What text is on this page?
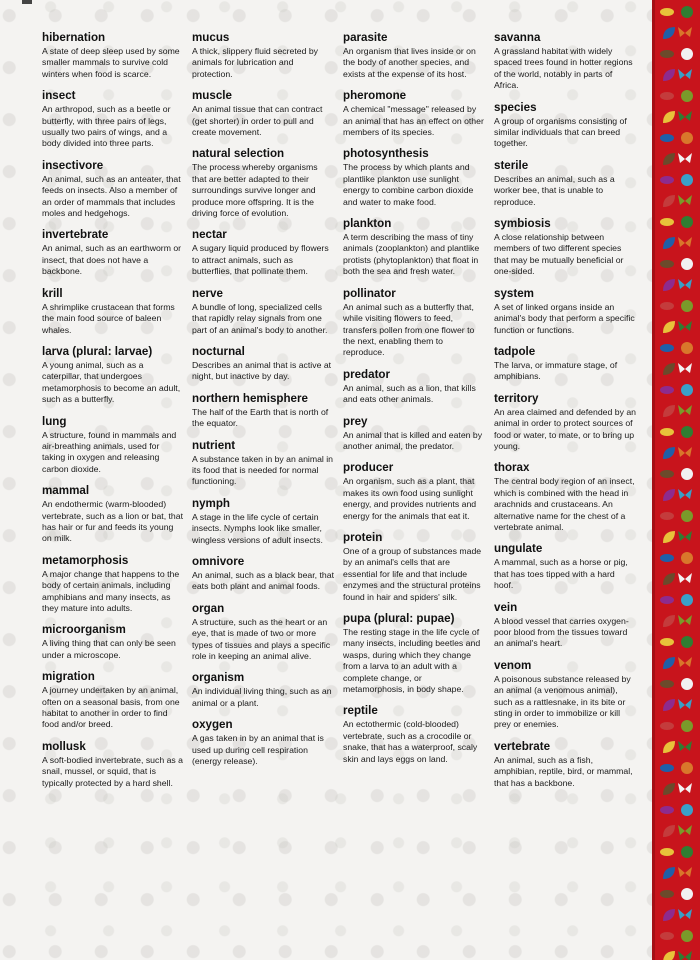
hibernation

A state of deep sleep used by some smaller mammals to survive cold winters when food is scarce.

insect

An arthropod, such as a beetle or butterfly, with three pairs of legs, usually two pairs of wings, and a body divided into three parts.

insectivore

An animal, such as an anteater, that feeds on insects. Also a member of an order of mammals that includes moles and hedgehogs.

invertebrate

An animal, such as an earthworm or insect, that does not have a backbone.

krill

A shrimplike crustacean that forms the main food source of baleen whales.

larva (plural: larvae)

A young animal, such as a caterpillar, that undergoes metamorphosis to become an adult, such as a butterfly.

lung

A structure, found in mammals and air-breathing animals, used for taking in oxygen and releasing carbon dioxide.

mammal

An endothermic (warm-blooded) vertebrate, such as a lion or bat, that has hair or fur and feeds its young on milk.

metamorphosis

A major change that happens to the body of certain animals, including amphibians and many insects, as they mature into adults.

microorganism

A living thing that can only be seen under a microscope.

migration

A journey undertaken by an animal, often on a seasonal basis, from one habitat to another in order to find food and/or breed.

mollusk

A soft-bodied invertebrate, such as a snail, mussel, or squid, that is typically protected by a hard shell.

mucus

A thick, slippery fluid secreted by animals for lubrication and protection.

muscle

An animal tissue that can contract (get shorter) in order to pull and create movement.

natural selection

The process whereby organisms that are better adapted to their surroundings survive longer and produce more offspring. It is the driving force of evolution.

nectar

A sugary liquid produced by flowers to attract animals, such as butterflies, that pollinate them.

nerve

A bundle of long, specialized cells that rapidly relay signals from one part of an animal's body to another.

nocturnal

Describes an animal that is active at night, but inactive by day.

northern hemisphere

The half of the Earth that is north of the equator.

nutrient

A substance taken in by an animal in its food that is needed for normal functioning.

nymph

A stage in the life cycle of certain insects. Nymphs look like smaller, wingless versions of adult insects.

omnivore

An animal, such as a black bear, that eats both plant and animal foods.

organ

A structure, such as the heart or an eye, that is made of two or more types of tissues and plays a specific role in keeping an animal alive.

organism

An individual living thing, such as an animal or a plant.

oxygen

A gas taken in by an animal that is used up during cell respiration (energy release).

parasite

An organism that lives inside or on the body of another species, and exists at the expense of its host.

pheromone

A chemical "message" released by an animal that has an effect on other members of its species.

photosynthesis

The process by which plants and plantlike plankton use sunlight energy to combine carbon dioxide and water to make food.

plankton

A term describing the mass of tiny animals (zooplankton) and plantlike protists (phytoplankton) that float in both the sea and fresh water.

pollinator

An animal such as a butterfly that, while visiting flowers to feed, transfers pollen from one flower to the next, enabling them to reproduce.

predator

An animal, such as a lion, that kills and eats other animals.

prey

An animal that is killed and eaten by another animal, the predator.

producer

An organism, such as a plant, that makes its own food using sunlight energy, and provides nutrients and energy for the animals that eat it.

protein

One of a group of substances made by an animal's cells that are essential for life and that include enzymes and the structural proteins found in hair and spiders' silk.

pupa (plural: pupae)

The resting stage in the life cycle of many insects, including beetles and wasps, during which they change from a larva to an adult with a complete change, or metamorphosis, in body shape.

reptile

An ectothermic (cold-blooded) vertebrate, such as a crocodile or snake, that has a waterproof, scaly skin and lays eggs on land.

savanna

A grassland habitat with widely spaced trees found in hotter regions of the world, notably in parts of Africa.

species

A group of organisms consisting of similar individuals that can breed together.

sterile

Describes an animal, such as a worker bee, that is unable to reproduce.

symbiosis

A close relationship between members of two different species that may be mutually beneficial or one-sided.

system

A set of linked organs inside an animal's body that perform a specific function or functions.

tadpole

The larva, or immature stage, of amphibians.

territory

An area claimed and defended by an animal in order to protect sources of food or water, to mate, or to bring up young.

thorax

The central body region of an insect, which is combined with the head in arachnids and crustaceans. An alternative name for the chest of a vertebrate animal.

ungulate

A mammal, such as a horse or pig, that has toes tipped with a hard hoof.

vein

A blood vessel that carries oxygen-poor blood from the tissues toward an animal's heart.

venom

A poisonous substance released by an animal (a venomous animal), such as a rattlesnake, in its bite or sting in order to immobilize or kill prey or enemies.

vertebrate

An animal, such as a fish, amphibian, reptile, bird, or mammal, that has a backbone.
